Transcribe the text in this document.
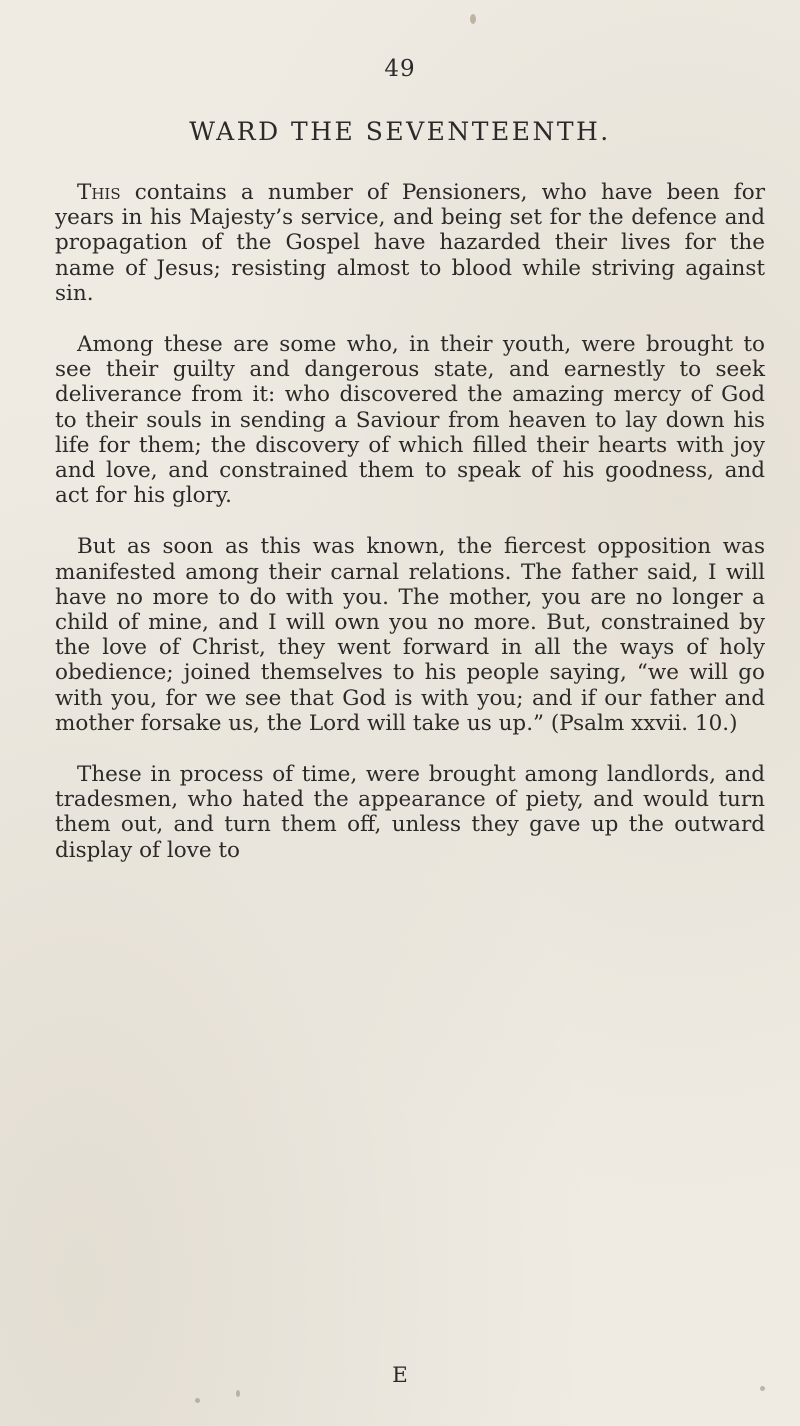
49
WARD THE SEVENTEENTH.

This contains a number of Pensioners, who have been for years in his Majesty’s service, and being set for the defence and propagation of the Gospel have hazarded their lives for the name of Jesus; resisting almost to blood while striving against sin.

Among these are some who, in their youth, were brought to see their guilty and dangerous state, and earnestly to seek deliverance from it: who discovered the amazing mercy of God to their souls in sending a Saviour from heaven to lay down his life for them; the discovery of which filled their hearts with joy and love, and constrained them to speak of his goodness, and act for his glory.

But as soon as this was known, the fiercest opposition was manifested among their carnal relations. The father said, I will have no more to do with you. The mother, you are no longer a child of mine, and I will own you no more. But, constrained by the love of Christ, they went forward in all the ways of holy obedience; joined themselves to his people saying, “we will go with you, for we see that God is with you; and if our father and mother forsake us, the Lord will take us up.” (Psalm xxvii. 10.)

These in process of time, were brought among landlords, and tradesmen, who hated the appearance of piety, and would turn them out, and turn them off, unless they gave up the outward display of love to

E
